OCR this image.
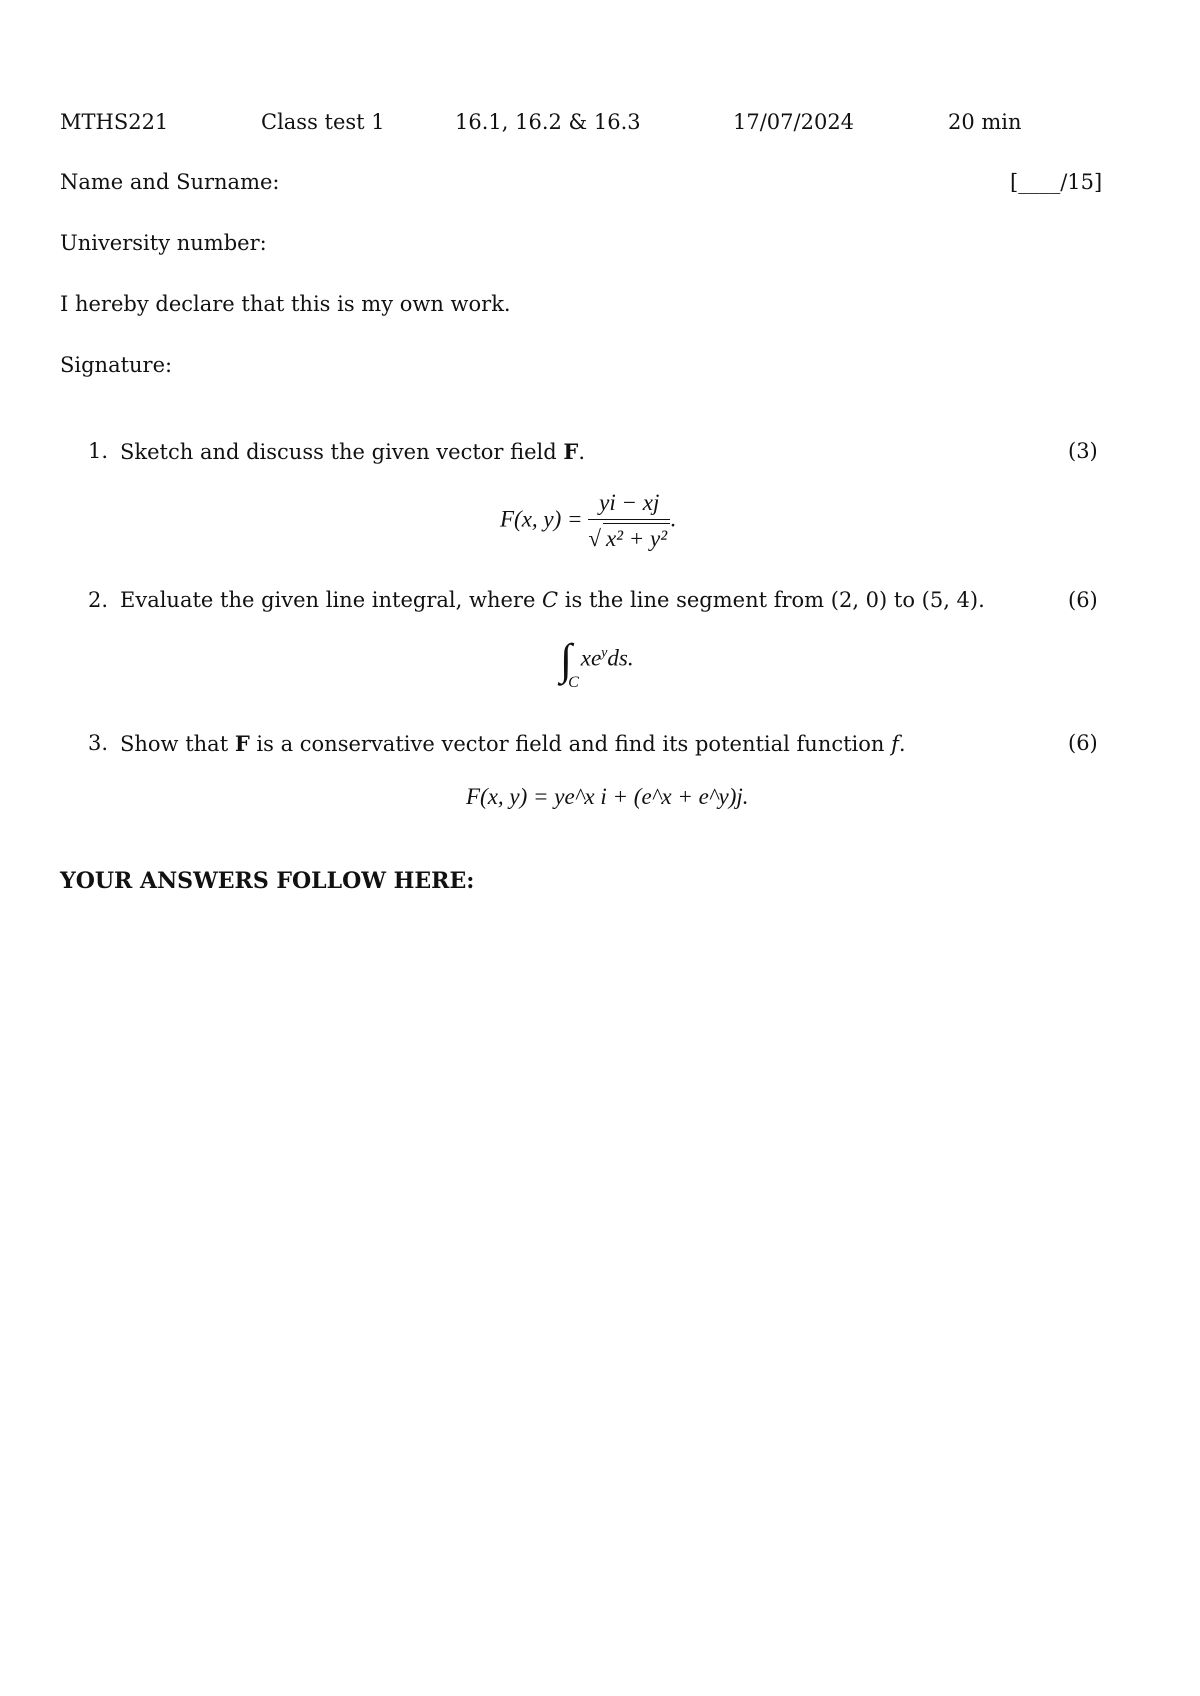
MTHS221	Class test 1	16.1, 16.2 & 16.3	17/07/2024	20 min
Name and Surname:	[____/15]
University number:
I hereby declare that this is my own work.
Signature:
1. Sketch and discuss the given vector field F.	(3)
F(x, $y) = \frac{yi - xj}{\text{√ x² + y²}}$ .
2. Evaluate the given line integral, where C is the line segment from (2, 0) to (5, 4).	(6)
$\int_Cxe^yds$.
3. Show that F is a conservative vector field and find its potential function f.	(6)
F(x, y) = ye^x i + (e^x + e^y)j.
YOUR ANSWERS FOLLOW HERE:
